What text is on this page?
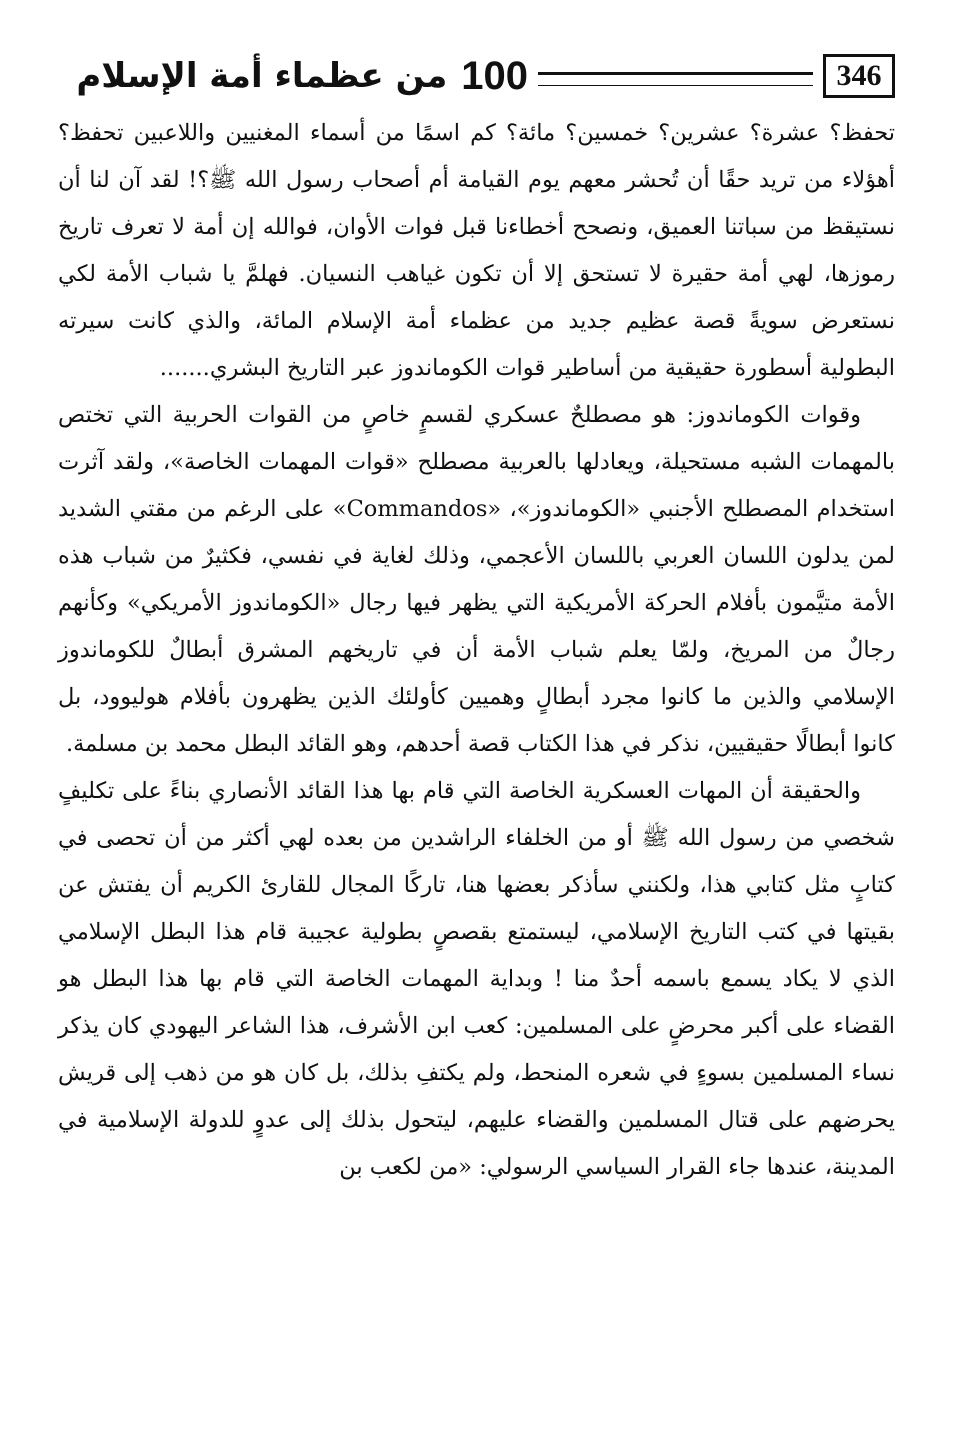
346
100
من عظماء أمة الإسلام

تحفظ؟ عشرة؟ عشرين؟ خمسين؟ مائة؟ كم اسمًا من أسماء المغنيين واللاعبين تحفظ؟ أهؤلاء من تريد حقًا أن تُحشر معهم يوم القيامة أم أصحاب رسول الله ﷺ؟! لقد آن لنا أن نستيقظ من سباتنا العميق، ونصحح أخطاءنا قبل فوات الأوان، فوالله إن أمة لا تعرف تاريخ رموزها، لهي أمة حقيرة لا تستحق إلا أن تكون غياهب النسيان. فهلمَّ يا شباب الأمة لكي نستعرض سويةً قصة عظيم جديد من عظماء أمة الإسلام المائة، والذي كانت سيرته البطولية أسطورة حقيقية من أساطير قوات الكوماندوز عبر التاريخ البشري.......

وقوات الكوماندوز: هو مصطلحٌ عسكري لقسمٍ خاصٍ من القوات الحربية التي تختص بالمهمات الشبه مستحيلة، ويعادلها بالعربية مصطلح «قوات المهمات الخاصة»، ولقد آثرت استخدام المصطلح الأجنبي «الكوماندوز»، «Commandos» على الرغم من مقتي الشديد لمن يدلون اللسان العربي باللسان الأعجمي، وذلك لغاية في نفسي، فكثيرٌ من شباب هذه الأمة متيَّمون بأفلام الحركة الأمريكية التي يظهر فيها رجال «الكوماندوز الأمريكي» وكأنهم رجالٌ من المريخ، ولمّا يعلم شباب الأمة أن في تاريخهم المشرق أبطالٌ للكوماندوز الإسلامي والذين ما كانوا مجرد أبطالٍ وهميين كأولئك الذين يظهرون بأفلام هوليوود، بل كانوا أبطالًا حقيقيين، نذكر في هذا الكتاب قصة أحدهم، وهو القائد البطل محمد بن مسلمة.

والحقيقة أن المهات العسكرية الخاصة التي قام بها هذا القائد الأنصاري بناءً على تكليفٍ شخصي من رسول الله ﷺ أو من الخلفاء الراشدين من بعده لهي أكثر من أن تحصى في كتابٍ مثل كتابي هذا، ولكنني سأذكر بعضها هنا، تاركًا المجال للقارئ الكريم أن يفتش عن بقيتها في كتب التاريخ الإسلامي، ليستمتع بقصصٍ بطولية عجيبة قام هذا البطل الإسلامي الذي لا يكاد يسمع باسمه أحدٌ منا ! وبداية المهمات الخاصة التي قام بها هذا البطل هو القضاء على أكبر محرضٍ على المسلمين: كعب ابن الأشرف، هذا الشاعر اليهودي كان يذكر نساء المسلمين بسوءٍ في شعره المنحط، ولم يكتفِ بذلك، بل كان هو من ذهب إلى قريش يحرضهم على قتال المسلمين والقضاء عليهم، ليتحول بذلك إلى عدوٍ للدولة الإسلامية في المدينة، عندها جاء القرار السياسي الرسولي: «من لكعب بن
